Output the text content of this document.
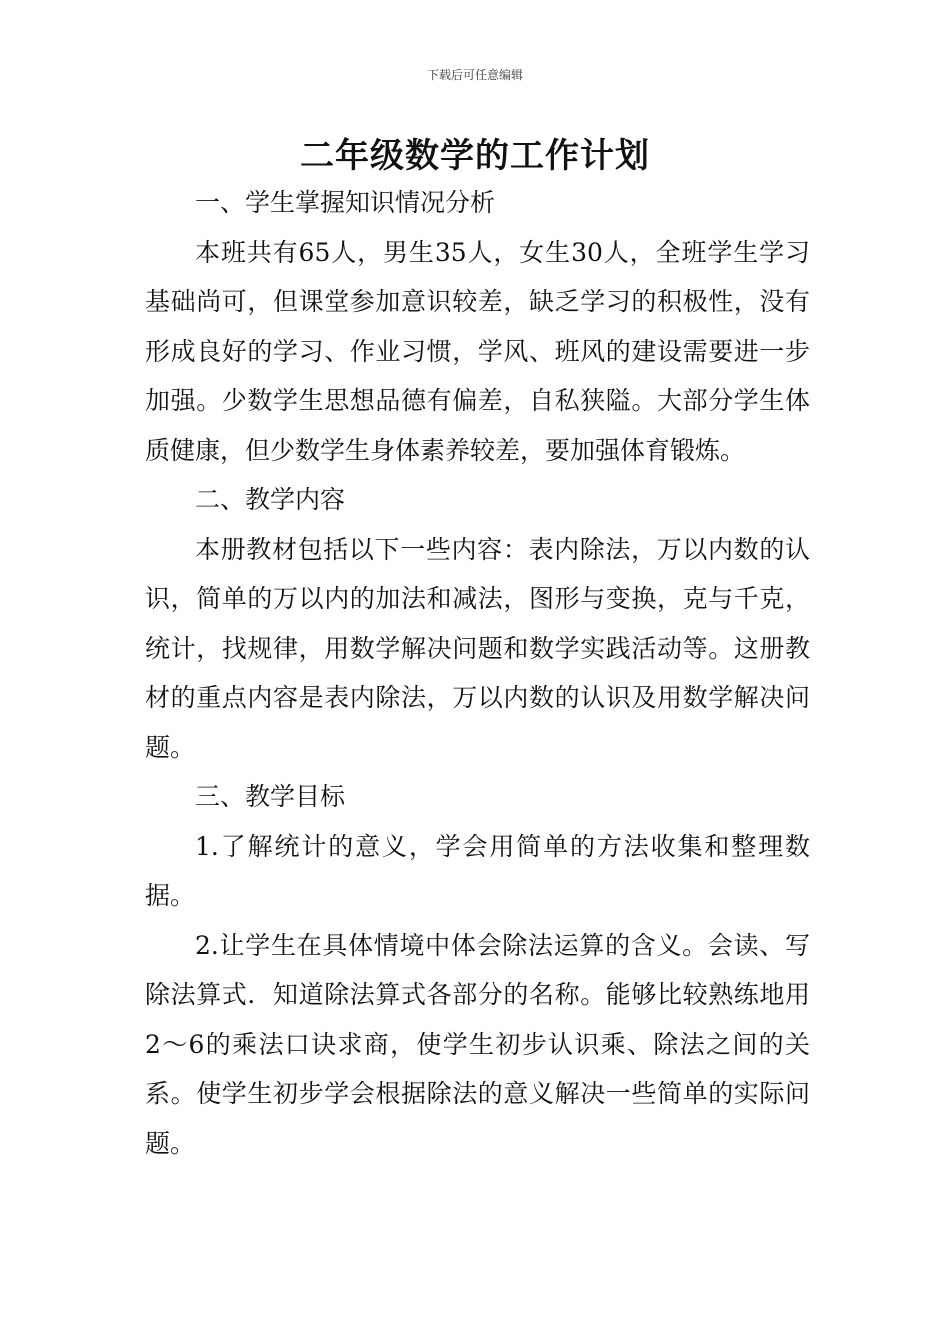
下载后可任意编辑
二年级数学的工作计划

一、学生掌握知识情况分析

本班共有65人，男生35人，女生30人，全班学生学习基础尚可，但课堂参加意识较差，缺乏学习的积极性，没有形成良好的学习、作业习惯，学风、班风的建设需要进一步加强。少数学生思想品德有偏差，自私狭隘。大部分学生体质健康，但少数学生身体素养较差，要加强体育锻炼。

二、教学内容

本册教材包括以下一些内容：表内除法，万以内数的认识，简单的万以内的加法和减法，图形与变换，克与千克，统计，找规律，用数学解决问题和数学实践活动等。这册教材的重点内容是表内除法，万以内数的认识及用数学解决问题。

三、教学目标

1.了解统计的意义，学会用简单的方法收集和整理数据。

2.让学生在具体情境中体会除法运算的含义。会读、写除法算式．知道除法算式各部分的名称。能够比较熟练地用2～6的乘法口诀求商，使学生初步认识乘、除法之间的关系。使学生初步学会根据除法的意义解决一些简单的实际问题。
